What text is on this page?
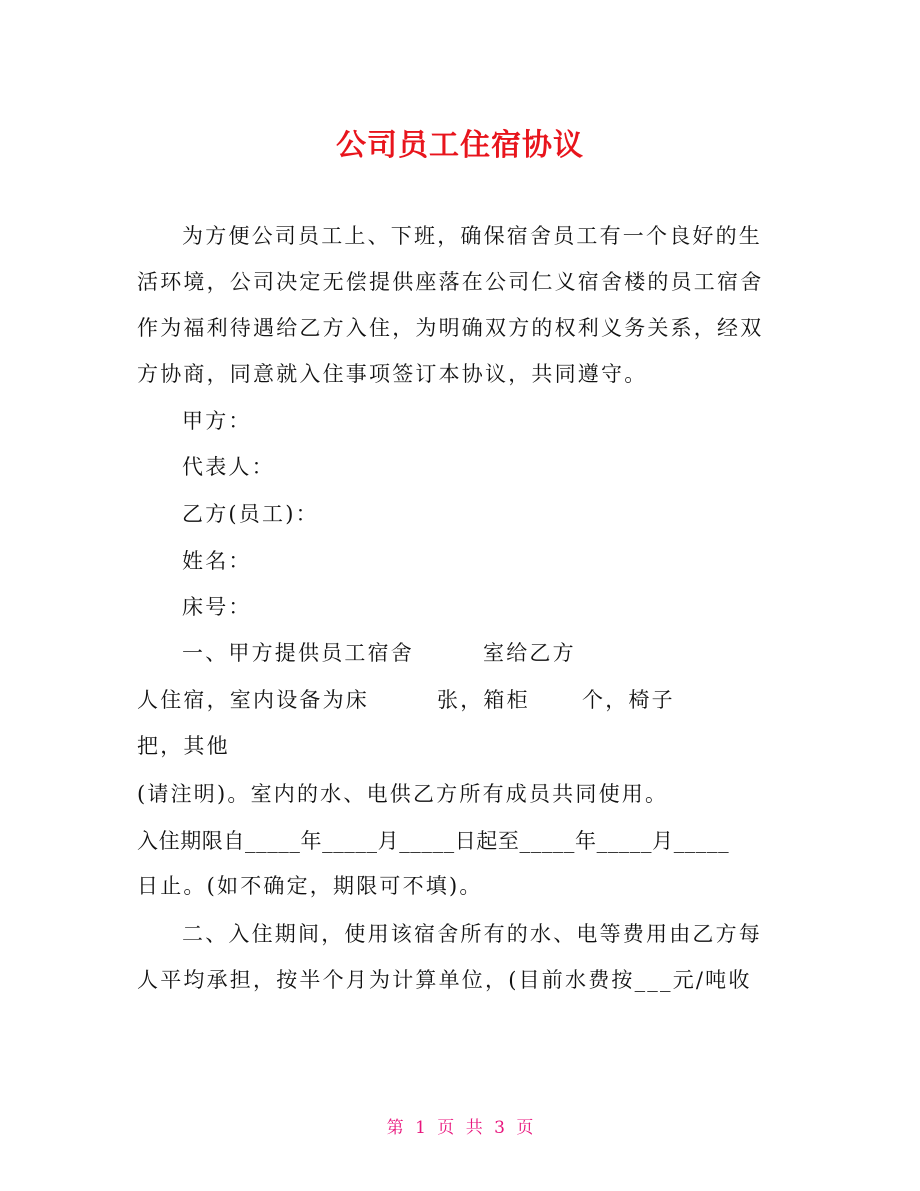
公司员工住宿协议
为方便公司员工上、下班，确保宿舍员工有一个良好的生
活环境，公司决定无偿提供座落在公司仁义宿舍楼的员工宿舍
作为福利待遇给乙方入住，为明确双方的权利义务关系，经双
方协商，同意就入住事项签订本协议，共同遵守。
甲方：
代表人：
乙方(员工)：
姓名：
床号：
一、甲方提供员工宿舍	室给乙方
人住宿，室内设备为床	张，箱柜 个，椅子
把，其他
(请注明)。室内的水、电供乙方所有成员共同使用。
入住期限自_____年_____月_____日起至_____年_____月_____
日止。(如不确定，期限可不填)。
二、入住期间，使用该宿舍所有的水、电等费用由乙方每
人平均承担，按半个月为计算单位，(目前水费按___元/吨收
第 1 页 共 3 页
